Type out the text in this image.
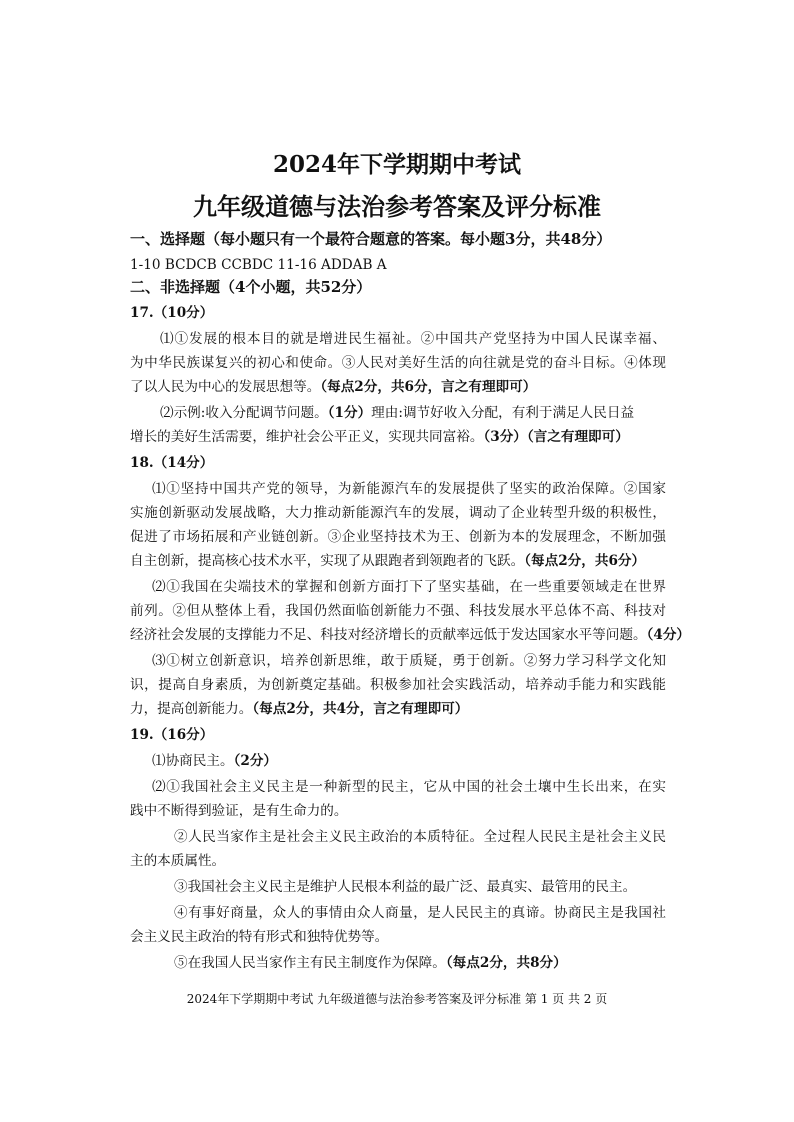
2024年下学期期中考试
九年级道德与法治参考答案及评分标准
一、选择题（每小题只有一个最符合题意的答案。每小题3分，共48分）
1-10 BCDCB CCBDC 11-16 ADDAB A
二、非选择题（4个小题，共52分）
17.（10分）
⑴①发展的根本目的就是增进民生福祉。②中国共产党坚持为中国人民谋幸福、
为中华民族谋复兴的初心和使命。③人民对美好生活的向往就是党的奋斗目标。④体现
了以人民为中心的发展思想等。（每点2分，共6分，言之有理即可）
⑵示例:收入分配调节问题。（1分）理由:调节好收入分配，有利于满足人民日益
增长的美好生活需要，维护社会公平正义，实现共同富裕。（3分）（言之有理即可）
18.（14分）
⑴①坚持中国共产党的领导，为新能源汽车的发展提供了坚实的政治保障。②国家
实施创新驱动发展战略，大力推动新能源汽车的发展，调动了企业转型升级的积极性，
促进了市场拓展和产业链创新。③企业坚持技术为王、创新为本的发展理念，不断加强
自主创新，提高核心技术水平，实现了从跟跑者到领跑者的飞跃。（每点2分，共6分）
⑵①我国在尖端技术的掌握和创新方面打下了坚实基础，在一些重要领域走在世界
前列。②但从整体上看，我国仍然面临创新能力不强、科技发展水平总体不高、科技对
经济社会发展的支撑能力不足、科技对经济增长的贡献率远低于发达国家水平等问题。（4分）
⑶①树立创新意识，培养创新思维，敢于质疑，勇于创新。②努力学习科学文化知
识，提高自身素质，为创新奠定基础。积极参加社会实践活动，培养动手能力和实践能
力，提高创新能力。（每点2分，共4分，言之有理即可）
19.（16分）
⑴协商民主。（2分）
⑵①我国社会主义民主是一种新型的民主，它从中国的社会土壤中生长出来，在实
践中不断得到验证，是有生命力的。
②人民当家作主是社会主义民主政治的本质特征。全过程人民民主是社会主义民
主的本质属性。
③我国社会主义民主是维护人民根本利益的最广泛、最真实、最管用的民主。
④有事好商量，众人的事情由众人商量，是人民民主的真谛。协商民主是我国社
会主义民主政治的特有形式和独特优势等。
⑤在我国人民当家作主有民主制度作为保障。（每点2分，共8分）
2024年下学期期中考试 九年级道德与法治参考答案及评分标准 第 1 页 共 2 页
